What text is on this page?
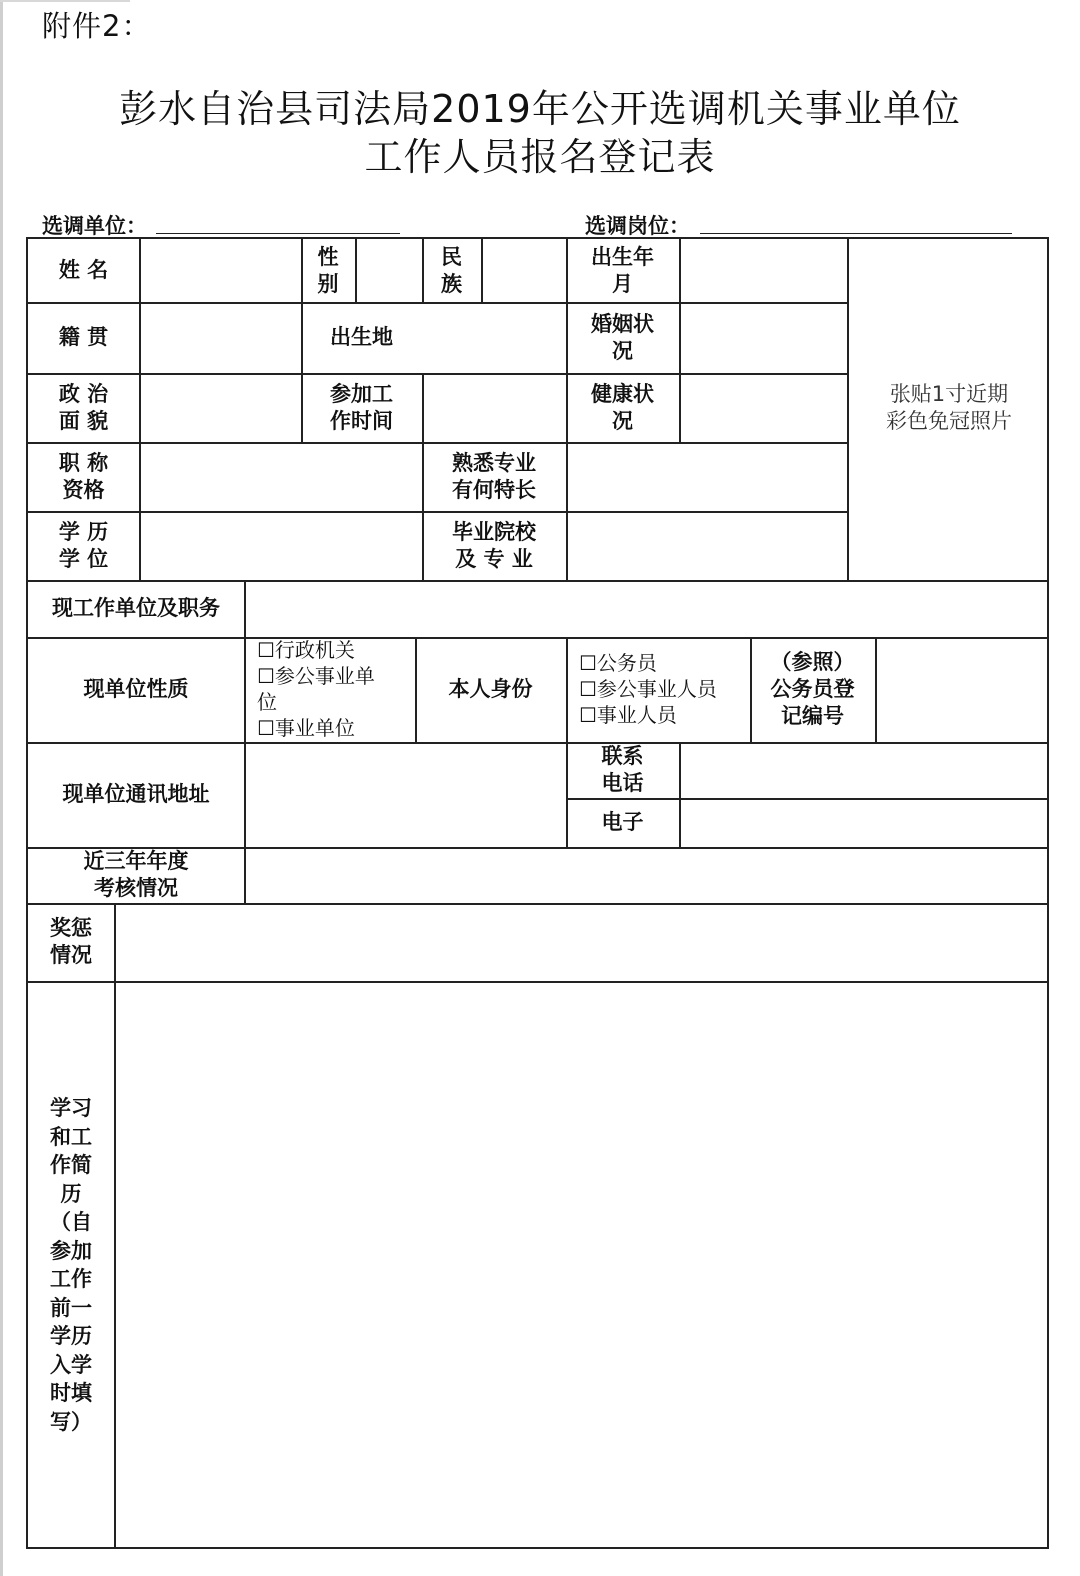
附件2：
彭水自治县司法局2019年公开选调机关事业单位
工作人员报名登记表
选调单位：	选调岗位：
姓 名
性
别
民
族
出生年
月
籍 贯	出生地
婚姻状
况
政 治
面 貌
参加工
作时间
健康状
况
职 称
资格
熟悉专业
有何特长
学 历
学 位
毕业院校
及 专 业
张贴1寸近期
彩色免冠照片
现工作单位及职务
现单位性质
☐行政机关
☐参公事业单
位
☐事业单位
本人身份
☐公务员
☐参公事业人员
☐事业人员
（参照）
公务员登
记编号
现单位通讯地址
联系
电话
电子
近三年年度
考核情况
奖惩
情况
学习
和工
作简
历
（自
参加
工作
前一
学历
入学
时填
写）
